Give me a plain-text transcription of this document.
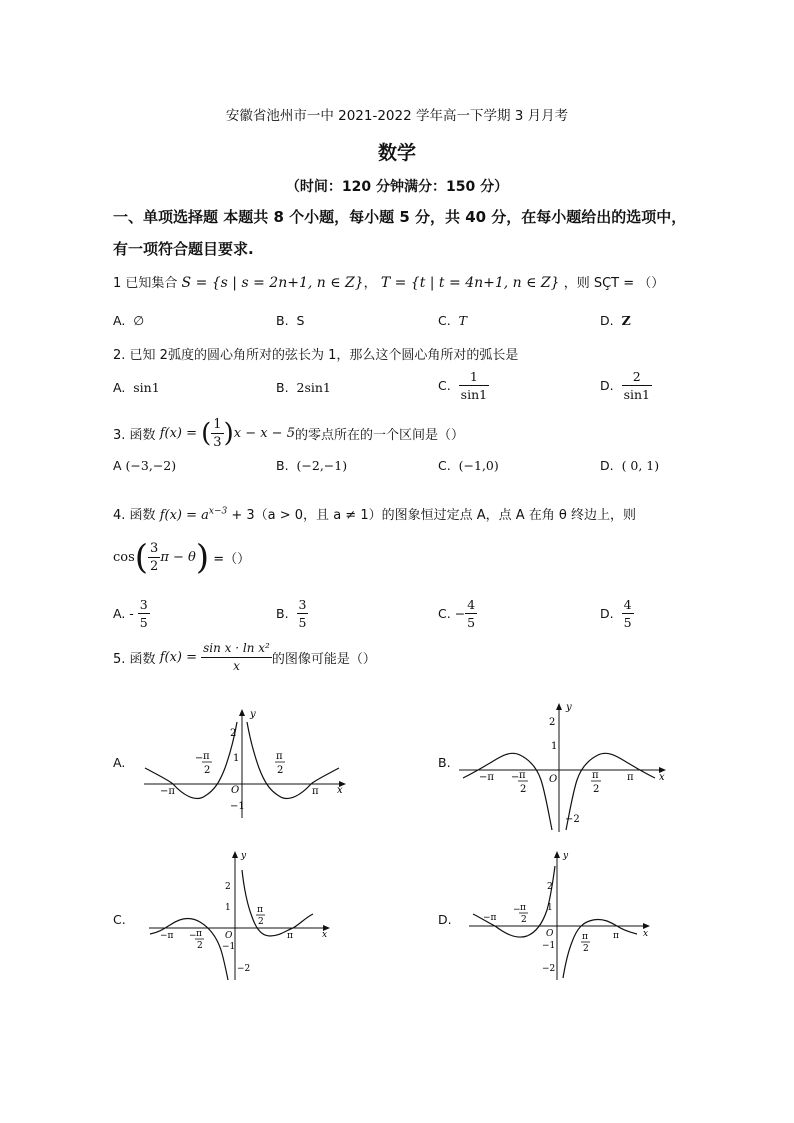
安徽省池州市一中 2021-2022 学年高一下学期 3 月月考
数学
（时间：120 分钟满分：150 分）
一、单项选择题 本题共 8 个小题，每小题 5 分，共 40 分，在每小题给出的选项中，
有一项符合题目要求.
1 已知集合 S = {s | s = 2n+1, n ∈ Z}， T = {t | t = 4n+1, n ∈ Z} ，则 SÇT = （）
A. ∅	B. S	C. T	D. Z
2. 已知 2弧度的圆心角所对的弦长为 1，那么这个圆心角所对的弧长是
A. sin1	B. 2sin1	C. $\frac{1}{\sin 1}$	D. $\frac{2}{\sin 1}$
3. 函数 f(x) = ( $\frac{1}{3} )x - x - 5$的零点所在的一个区间是（）
A (−3,−2)	B. (−2,−1)	C. (−1,0)	D. ( 0, 1)
4. 函数 $f(x) = a^{x-3} + 3(a > 0$，且 a ≠ 1）的图象恒过定点 A，点 A 在角 θ 终边上，则
$\cos( \frac{3}{2}$ π − θ) =（）
A. - $\frac{3}{5}$	B. $\frac{3}{5}$	C. − $\frac{4}{5}$	D. $\frac{4}{5}$
5. 函数 $f(x) = \frac{\text{sin x · ln x²}}{x}$ 的图像可能是（）
A.	B.
C.	D.
y
x
O
2
1
−1
−π	π
− π
2
π
2
y
x
O
2
1
−2
−π	π
− π
2
π
2
y
x
O
2
1
−1
−2
−π	π
− π
2
π
2
y
x
O
2
1
−1
−2
−π
π
− π
2
π
2
